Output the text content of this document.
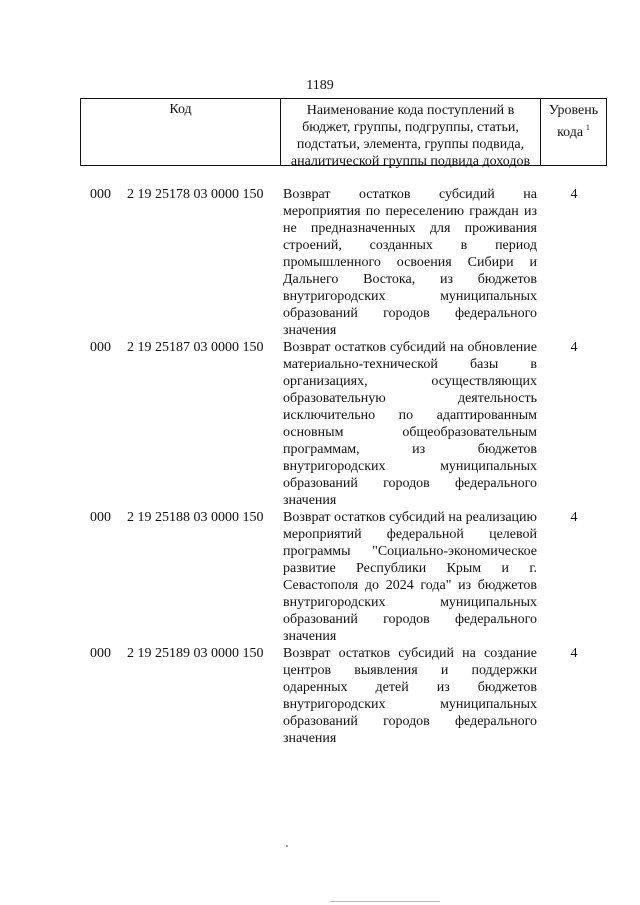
1189
Код	Наименование кода поступлений в бюджет, группы, подгруппы, статьи, подстатьи, элемента, группы подвида, аналитической группы подвида доходов
Уровень кода  $^1$
000 2 19 25178 03 0000 150 Возврат остатков субсидий на мероприятия по переселению граждан из не предназначенных для проживания строений, созданных в период промышленного освоения Сибири и Дальнего Востока, из бюджетов внутригородских муниципальных образований городов федерального значения
4
000 2 19 25187 03 0000 150 Возврат остатков субсидий на обновление материально-технической базы в организациях, осуществляющих образовательную деятельность исключительно по адаптированным основным общеобразовательным программам, из бюджетов внутригородских муниципальных образований городов федерального значения
4
000 2 19 25188 03 0000 150 Возврат остатков субсидий на реализацию мероприятий федеральной целевой программы "Социально-экономическое развитие Республики Крым и г. Севастополя до 2024 года" из бюджетов внутригородских муниципальных образований городов федерального значения
4
000 2 19 25189 03 0000 150 Возврат остатков субсидий на создание центров выявления и поддержки одаренных детей из бюджетов внутригородских муниципальных образований городов федерального значения
4
